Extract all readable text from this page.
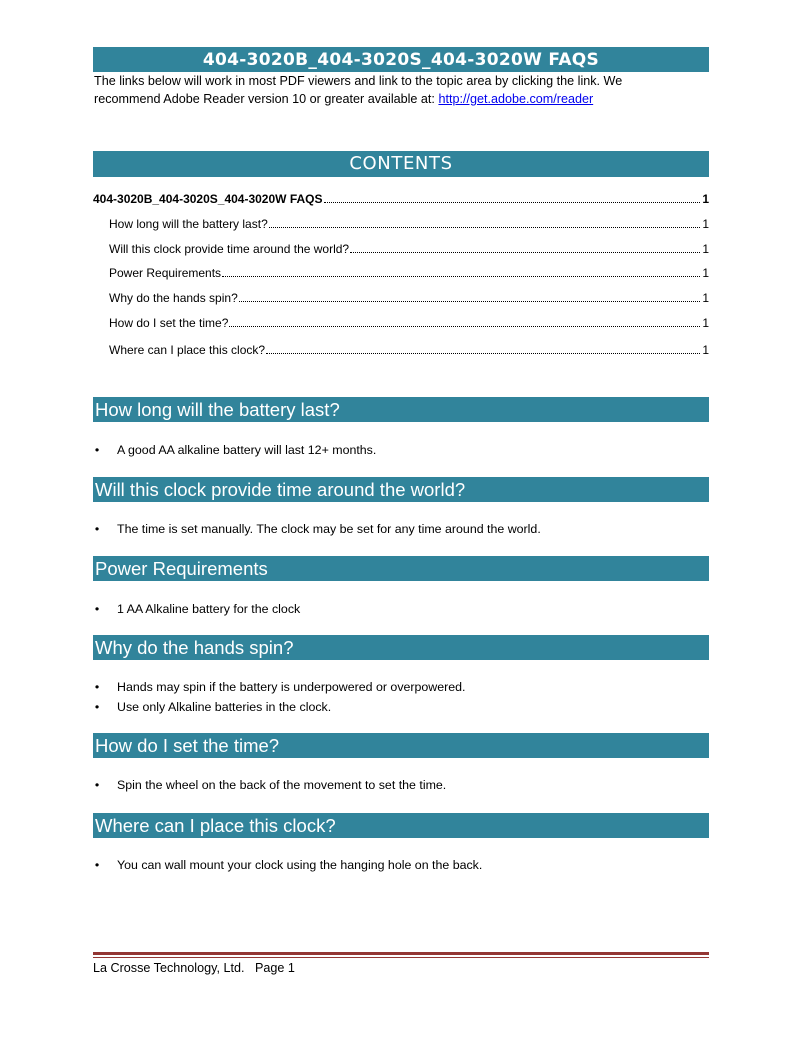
404-3020B_404-3020S_404-3020W FAQS
The links below will work in most PDF viewers and link to the topic area by clicking the link. We
recommend Adobe Reader version 10 or greater available at: http://get.adobe.com/reader
CONTENTS
404-3020B_404-3020S_404-3020W FAQS	1
How long will the battery last?	1
Will this clock provide time around the world?	1
Power Requirements	1
Why do the hands spin?	1
How do I set the time?	1
Where can I place this clock?	1
How long will the battery last?
• A good AA alkaline battery will last 12+ months.
Will this clock provide time around the world?
• The time is set manually. The clock may be set for any time around the world.
Power Requirements
• 1 AA Alkaline battery for the clock
Why do the hands spin?
• Hands may spin if the battery is underpowered or overpowered.
• Use only Alkaline batteries in the clock.
How do I set the time?
• Spin the wheel on the back of the movement to set the time.
Where can I place this clock?
• You can wall mount your clock using the hanging hole on the back.
La Crosse Technology, Ltd. Page 1
